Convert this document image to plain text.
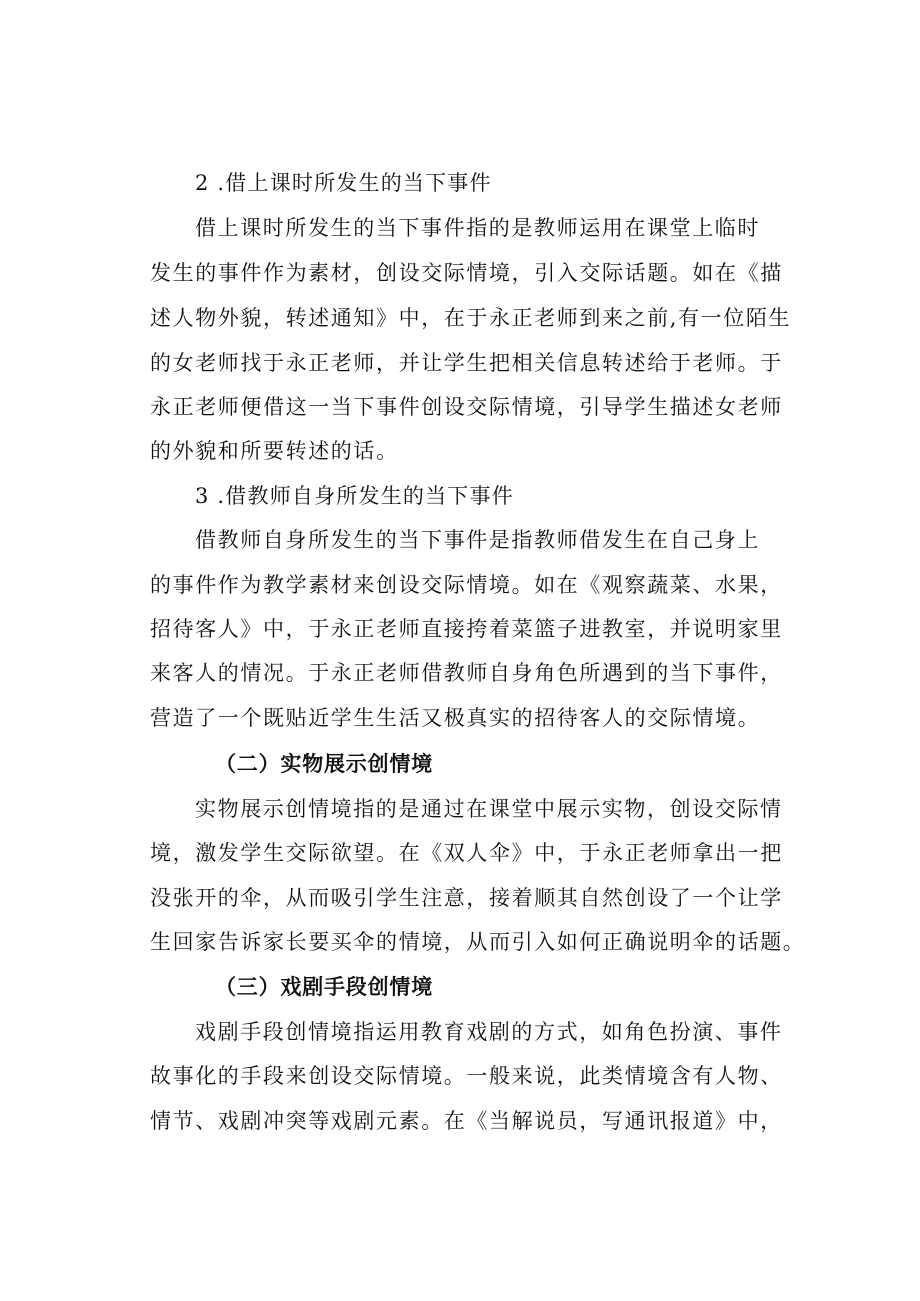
2 .借上课时所发生的当下事件
借上课时所发生的当下事件指的是教师运用在课堂上临时
发生的事件作为素材，创设交际情境，引入交际话题。如在《描
述人物外貌，转述通知》中，在于永正老师到来之前,有一位陌生
的女老师找于永正老师，并让学生把相关信息转述给于老师。于
永正老师便借这一当下事件创设交际情境，引导学生描述女老师
的外貌和所要转述的话。
3 .借教师自身所发生的当下事件
借教师自身所发生的当下事件是指教师借发生在自己身上
的事件作为教学素材来创设交际情境。如在《观察蔬菜、水果，
招待客人》中，于永正老师直接挎着菜篮子进教室，并说明家里
来客人的情况。于永正老师借教师自身角色所遇到的当下事件，
营造了一个既贴近学生生活又极真实的招待客人的交际情境。
（二）实物展示创情境
实物展示创情境指的是通过在课堂中展示实物，创设交际情
境，激发学生交际欲望。在《双人伞》中，于永正老师拿出一把
没张开的伞，从而吸引学生注意，接着顺其自然创设了一个让学
生回家告诉家长要买伞的情境，从而引入如何正确说明伞的话题。
（三）戏剧手段创情境
戏剧手段创情境指运用教育戏剧的方式，如角色扮演、事件
故事化的手段来创设交际情境。一般来说，此类情境含有人物、
情节、戏剧冲突等戏剧元素。在《当解说员，写通讯报道》中，
